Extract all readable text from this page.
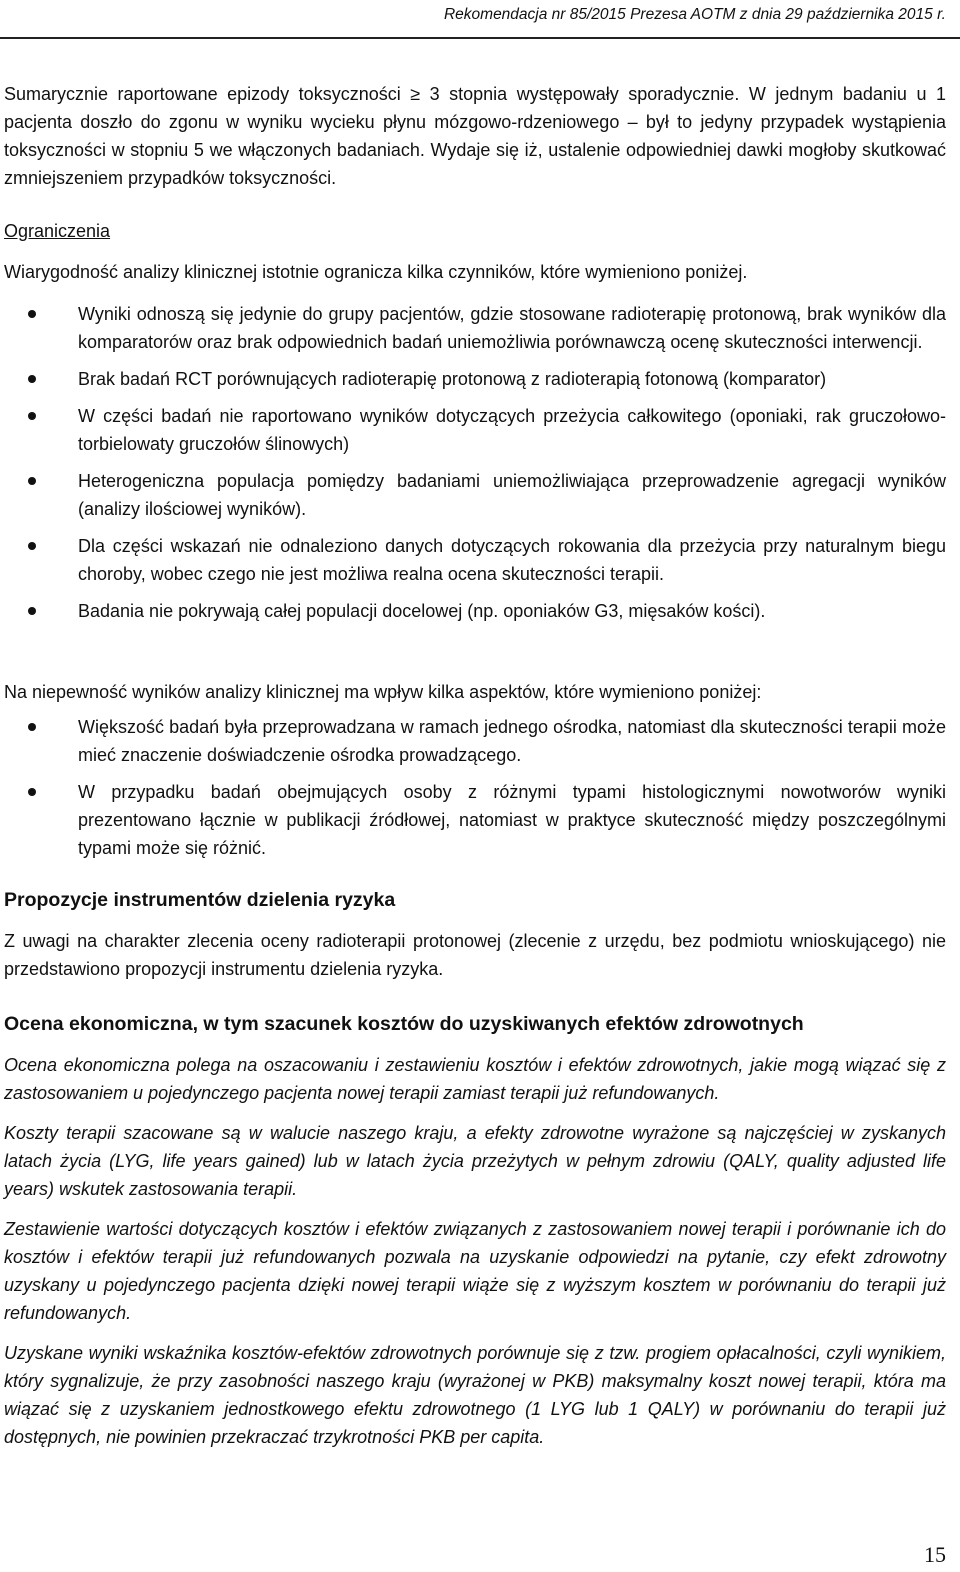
Rekomendacja nr 85/2015 Prezesa AOTM z dnia 29 października 2015 r.

Sumarycznie raportowane epizody toksyczności ≥ 3 stopnia występowały sporadycznie. W jednym badaniu u 1 pacjenta doszło do zgonu w wyniku wycieku płynu mózgowo-rdzeniowego – był to jedyny przypadek wystąpienia toksyczności w stopniu 5 we włączonych badaniach. Wydaje się iż, ustalenie odpowiedniej dawki mogłoby skutkować zmniejszeniem przypadków toksyczności.

Ograniczenia

Wiarygodność analizy klinicznej istotnie ogranicza kilka czynników, które wymieniono poniżej.

Wyniki odnoszą się jedynie do grupy pacjentów, gdzie stosowane radioterapię protonową, brak wyników dla komparatorów oraz brak odpowiednich badań uniemożliwia porównawczą ocenę skuteczności interwencji.
Brak badań RCT porównujących radioterapię protonową z radioterapią fotonową (komparator)
W części badań nie raportowano wyników dotyczących przeżycia całkowitego (oponiaki, rak gruczołowo-torbielowaty gruczołów ślinowych)
Heterogeniczna populacja pomiędzy badaniami uniemożliwiająca przeprowadzenie agregacji wyników (analizy ilościowej wyników).
Dla części wskazań nie odnaleziono danych dotyczących rokowania dla przeżycia przy naturalnym biegu choroby, wobec czego nie jest możliwa realna ocena skuteczności terapii.
Badania nie pokrywają całej populacji docelowej (np. oponiaków G3, mięsaków kości).

Na niepewność wyników analizy klinicznej ma wpływ kilka aspektów, które wymieniono poniżej:

Większość badań była przeprowadzana w ramach jednego ośrodka, natomiast dla skuteczności terapii może mieć znaczenie doświadczenie ośrodka prowadzącego.
W przypadku badań obejmujących osoby z różnymi typami histologicznymi nowotworów wyniki prezentowano łącznie w publikacji źródłowej, natomiast w praktyce skuteczność między poszczególnymi typami może się różnić.
Propozycje instrumentów dzielenia ryzyka

Z uwagi na charakter zlecenia oceny radioterapii protonowej (zlecenie z urzędu, bez podmiotu wnioskującego) nie przedstawiono propozycji instrumentu dzielenia ryzyka.

Ocena ekonomiczna, w tym szacunek kosztów do uzyskiwanych efektów zdrowotnych

Ocena ekonomiczna polega na oszacowaniu i zestawieniu kosztów i efektów zdrowotnych, jakie mogą wiązać się z zastosowaniem u pojedynczego pacjenta nowej terapii zamiast terapii już refundowanych.

Koszty terapii szacowane są w walucie naszego kraju, a efekty zdrowotne wyrażone są najczęściej w zyskanych latach życia (LYG, life years gained) lub w latach życia przeżytych w pełnym zdrowiu (QALY, quality adjusted life years) wskutek zastosowania terapii.

Zestawienie wartości dotyczących kosztów i efektów związanych z zastosowaniem nowej terapii i porównanie ich do kosztów i efektów terapii już refundowanych pozwala na uzyskanie odpowiedzi na pytanie, czy efekt zdrowotny uzyskany u pojedynczego pacjenta dzięki nowej terapii wiąże się z wyższym kosztem w porównaniu do terapii już refundowanych.

Uzyskane wyniki wskaźnika kosztów-efektów zdrowotnych porównuje się z tzw. progiem opłacalności, czyli wynikiem, który sygnalizuje, że przy zasobności naszego kraju (wyrażonej w PKB) maksymalny koszt nowej terapii, która ma wiązać się z uzyskaniem jednostkowego efektu zdrowotnego (1 LYG lub 1 QALY) w porównaniu do terapii już dostępnych, nie powinien przekraczać trzykrotności PKB per capita.

15
